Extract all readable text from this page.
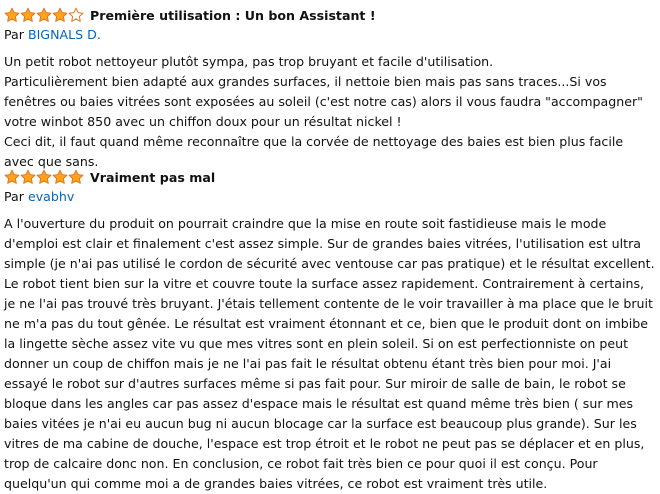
Première utilisation : Un bon Assistant !
Par BIGNALS D.

Un petit robot nettoyeur plutôt sympa, pas trop bruyant et facile d'utilisation.

Particulièrement bien adapté aux grandes surfaces, il nettoie bien mais pas sans traces...Si vos fenêtres ou baies vitrées sont exposées au soleil (c'est notre cas) alors il vous faudra "accompagner" votre winbot 850 avec un chiffon doux pour un résultat nickel !

Ceci dit, il faut quand même reconnaître que la corvée de nettoyage des baies est bien plus facile avec que sans.

Vraiment pas mal
Par evabhv

A l'ouverture du produit on pourrait craindre que la mise en route soit fastidieuse mais le mode d'emploi est clair et finalement c'est assez simple. Sur de grandes baies vitrées, l'utilisation est ultra simple (je n'ai pas utilisé le cordon de sécurité avec ventouse car pas pratique) et le résultat excellent. Le robot tient bien sur la vitre et couvre toute la surface assez rapidement. Contrairement à certains, je ne l'ai pas trouvé très bruyant. J'étais tellement contente de le voir travailler à ma place que le bruit ne m'a pas du tout gênée. Le résultat est vraiment étonnant et ce, bien que le produit dont on imbibe la lingette sèche assez vite vu que mes vitres sont en plein soleil. Si on est perfectionniste on peut donner un coup de chiffon mais je ne l'ai pas fait le résultat obtenu étant très bien pour moi. J'ai essayé le robot sur d'autres surfaces même si pas fait pour. Sur miroir de salle de bain, le robot se bloque dans les angles car pas assez d'espace mais le résultat est quand même très bien ( sur mes baies vitées je n'ai eu aucun bug ni aucun blocage car la surface est beaucoup plus grande). Sur les vitres de ma cabine de douche, l'espace est trop étroit et le robot ne peut pas se déplacer et en plus, trop de calcaire donc non. En conclusion, ce robot fait très bien ce pour quoi il est conçu. Pour quelqu'un qui comme moi a de grandes baies vitrées, ce robot est vraiment très utile.
